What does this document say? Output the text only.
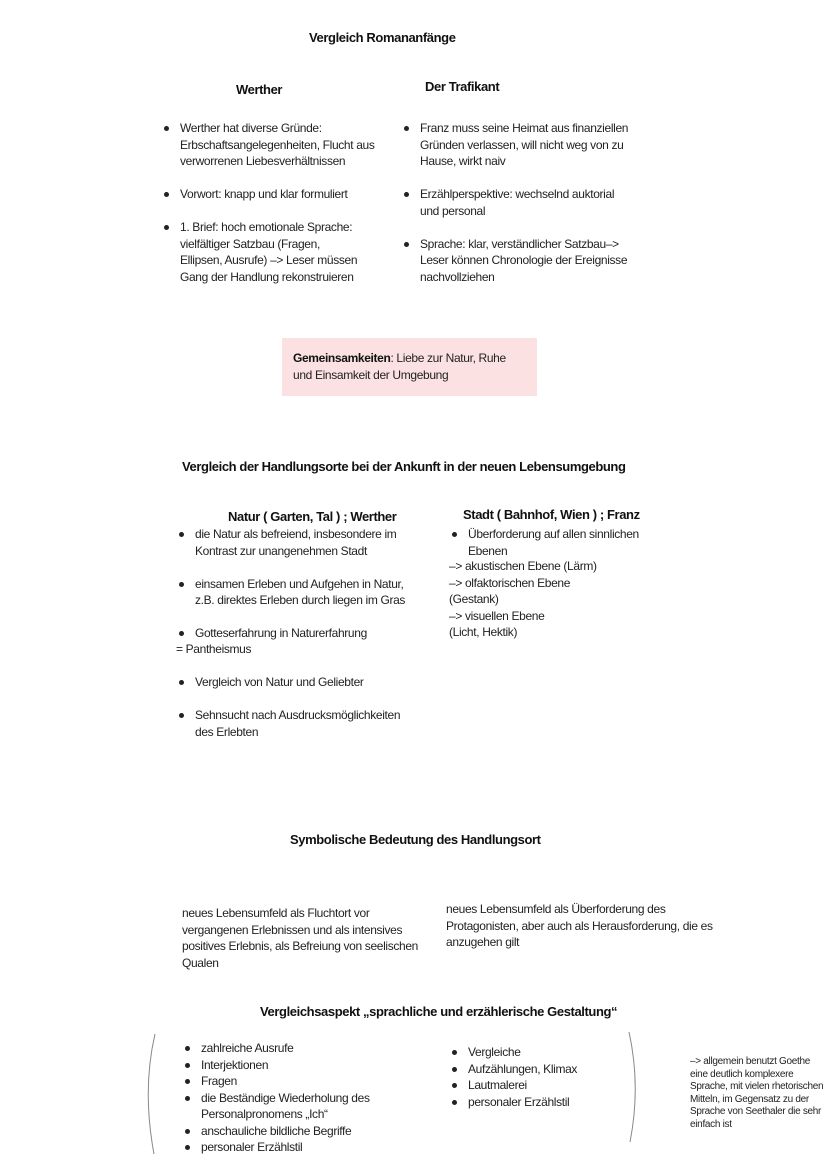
Vergleich Romananfänge
Werther	Der Trafikant
Werther hat diverse Gründe: Erbschaftsangelegenheiten, Flucht aus verworrenen Liebesverhältnissen
Vorwort: knapp und klar formuliert
1. Brief: hoch emotionale Sprache: vielfältiger Satzbau (Fragen, Ellipsen, Ausrufe) –> Leser müssen Gang der Handlung rekonstruieren
Franz muss seine Heimat aus finanziellen Gründen verlassen, will nicht weg von zu Hause, wirkt naiv
Erzählperspektive: wechselnd auktorial und personal
Sprache: klar, verständlicher Satzbau–> Leser können Chronologie der Ereignisse nachvollziehen
Gemeinsamkeiten: Liebe zur Natur, Ruhe und Einsamkeit der Umgebung
Vergleich der Handlungsorte bei der Ankunft in der neuen Lebensumgebung
Natur ( Garten, Tal ) ; Werther
die Natur als befreiend, insbesondere im Kontrast zur unangenehmen Stadt
einsamen Erleben und Aufgehen in Natur, z.B. direktes Erleben durch liegen im Gras
Gotteserfahrung in Naturerfahrung
= Pantheismus
Vergleich von Natur und Geliebter
Sehnsucht nach Ausdrucksmöglichkeiten des Erlebten
Stadt ( Bahnhof, Wien ) ; Franz
Überforderung auf allen sinnlichen Ebenen
–> akustischen Ebene (Lärm)
–> olfaktorischen Ebene
(Gestank)
–> visuellen Ebene
(Licht, Hektik)
Symbolische Bedeutung des Handlungsort

neues Lebensumfeld als Fluchtort vor vergangenen Erlebnissen und als intensives positives Erlebnis, als Befreiung von seelischen Qualen

neues Lebensumfeld als Überforderung des Protagonisten, aber auch als Herausforderung, die es anzugehen gilt

Vergleichsaspekt „sprachliche und erzählerische Gestaltung“
zahlreiche Ausrufe
Interjektionen
Fragen
die Beständige Wiederholung des Personalpronomens „Ich“
anschauliche bildliche Begriffe
personaler Erzählstil
Vergleiche
Aufzählungen, Klimax
Lautmalerei
personaler Erzählstil
–> allgemein benutzt Goethe eine deutlich komplexere Sprache, mit vielen rhetorischen Mitteln, im Gegensatz zu der Sprache von Seethaler die sehr einfach ist
